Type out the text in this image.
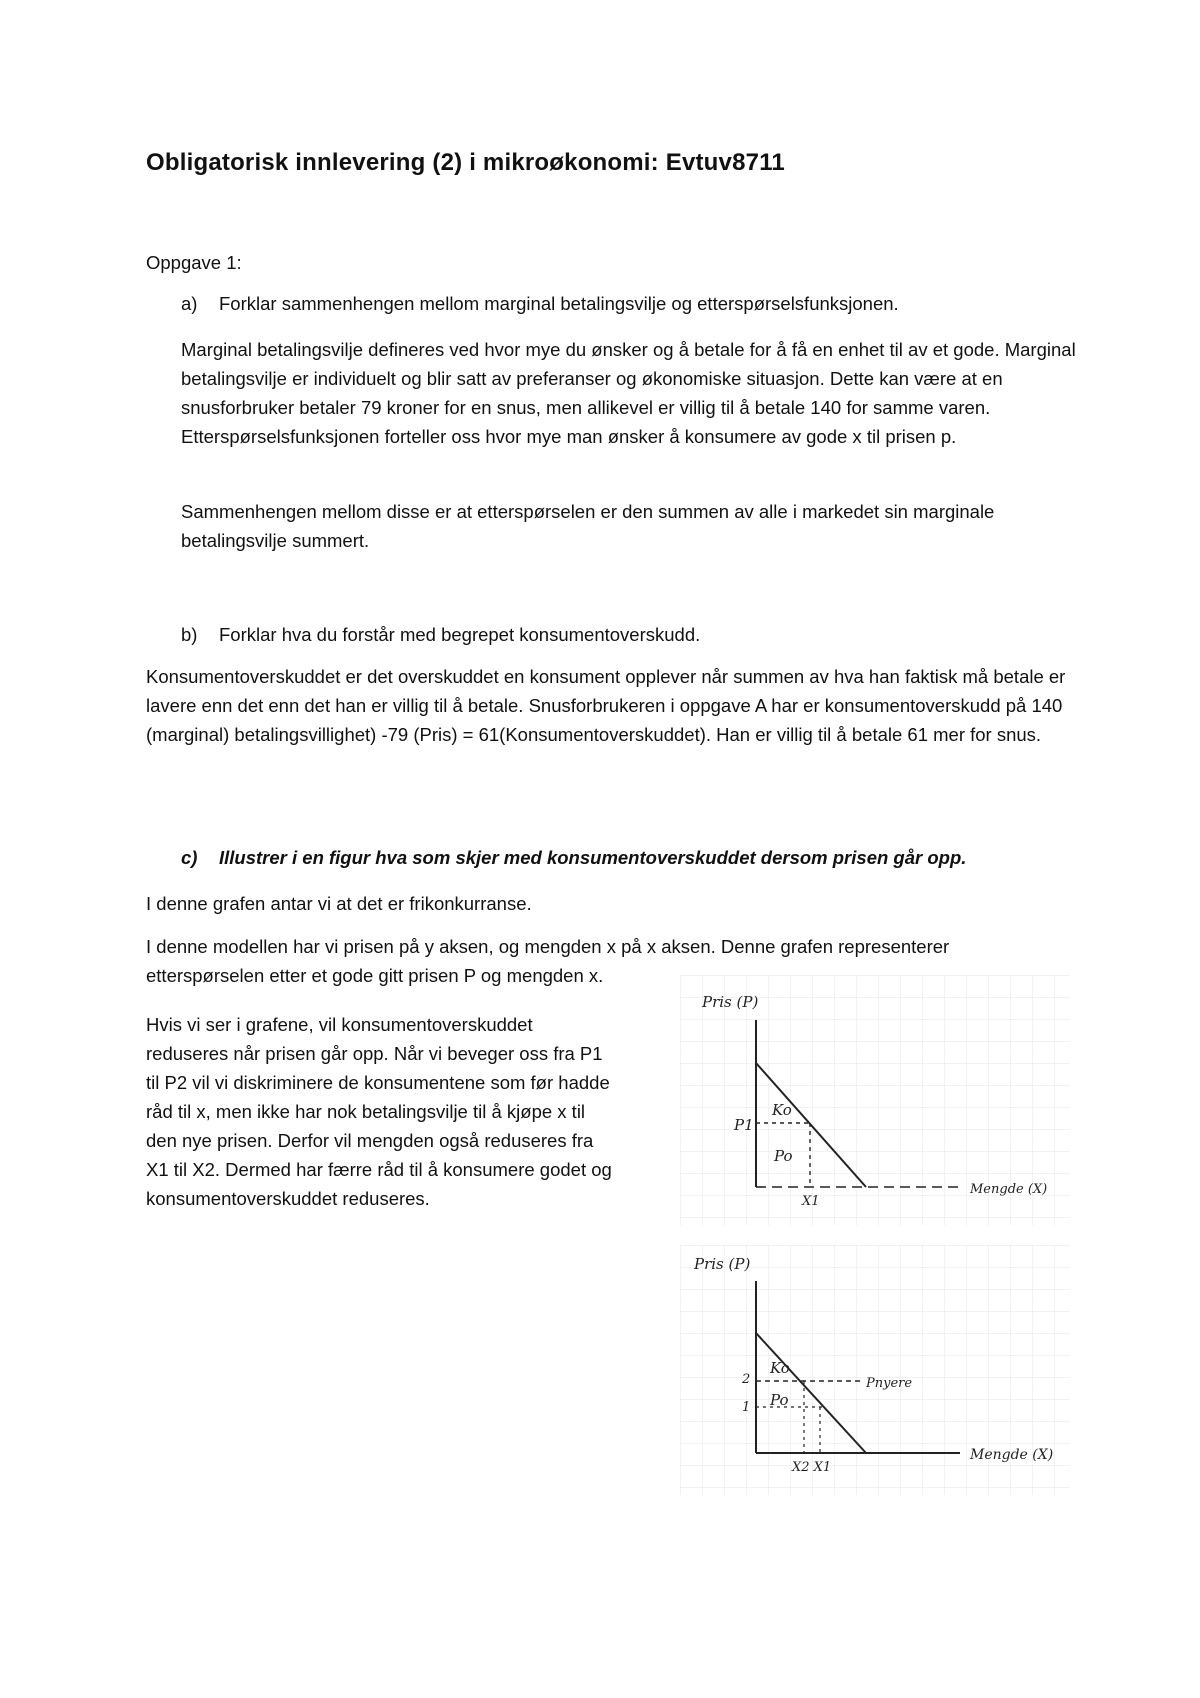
Obligatorisk innlevering (2) i mikroøkonomi: Evtuv8711
Oppgave 1:
a) Forklar sammenhengen mellom marginal betalingsvilje og etterspørselsfunksjonen.
Marginal betalingsvilje defineres ved hvor mye du ønsker og å betale for å få en enhet til av et gode. Marginal betalingsvilje er individuelt og blir satt av preferanser og økonomiske situasjon. Dette kan være at en snusforbruker betaler 79 kroner for en snus, men allikevel er villig til å betale 140 for samme varen. Etterspørselsfunksjonen forteller oss hvor mye man ønsker å konsumere av gode x til prisen p.
Sammenhengen mellom disse er at etterspørselen er den summen av alle i markedet sin marginale betalingsvilje summert.
b) Forklar hva du forstår med begrepet konsumentoverskudd.
Konsumentoverskuddet er det overskuddet en konsument opplever når summen av hva han faktisk må betale er lavere enn det enn det han er villig til å betale. Snusforbrukeren i oppgave A har er konsumentoverskudd på 140 (marginal) betalingsvillighet) -79 (Pris) = 61(Konsumentoverskuddet). Han er villig til å betale 61 mer for snus.
c) Illustrer i en figur hva som skjer med konsumentoverskuddet dersom prisen går opp.
I denne grafen antar vi at det er frikonkurranse.
I denne modellen har vi prisen på y aksen, og mengden x på x aksen. Denne grafen representerer etterspørselen etter et gode gitt prisen P og mengden x.
Hvis vi ser i grafene, vil konsumentoverskuddet
reduseres når prisen går opp. Når vi beveger oss fra P1
til P2 vil vi diskriminere de konsumentene som før hadde
råd til x, men ikke har nok betalingsvilje til å kjøpe x til
den nye prisen. Derfor vil mengden også reduseres fra
X1 til X2. Dermed har færre råd til å konsumere godet og
konsumentoverskuddet reduseres.
Pris (P)
P1
Ko
Po
X1
Mengde (X)
Pris (P)
2
1
Ko
Po
Pnyere
X2 X1
Mengde (X)
